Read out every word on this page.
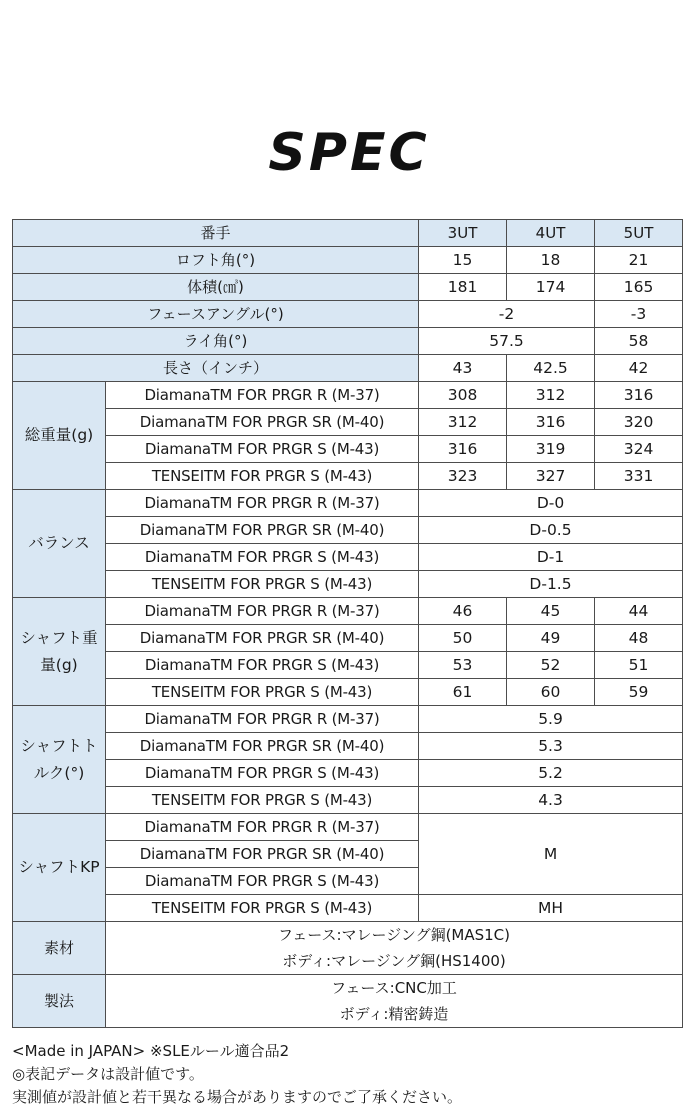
SPEC
番手		3UT	4UT	5UT
ロフト角(°)		15	18	21
体積(㎤)		181	174	165
フェースアングル(°)		-2		-3
ライ角(°)		57.5		58
長さ（インチ）		43	42.5	42
総重量(g)	DiamanaTM FOR PRGR R (M-37)	308	312	316
	DiamanaTM FOR PRGR SR (M-40)	312	316	320
	DiamanaTM FOR PRGR S (M-43)	316	319	324
	TENSEITM FOR PRGR S (M-43)	323	327	331
バランス	DiamanaTM FOR PRGR R (M-37)	D-0		
	DiamanaTM FOR PRGR SR (M-40)	D-0.5		
	DiamanaTM FOR PRGR S (M-43)	D-1		
	TENSEITM FOR PRGR S (M-43)	D-1.5		
シャフト重
量(g)	DiamanaTM FOR PRGR R (M-37)	46	45	44
	DiamanaTM FOR PRGR SR (M-40)	50	49	48
	DiamanaTM FOR PRGR S (M-43)	53	52	51
	TENSEITM FOR PRGR S (M-43)	61	60	59
シャフトト
ルク(°)	DiamanaTM FOR PRGR R (M-37)	5.9		
	DiamanaTM FOR PRGR SR (M-40)	5.3		
	DiamanaTM FOR PRGR S (M-43)	5.2		
	TENSEITM FOR PRGR S (M-43)	4.3		
シャフトKP	DiamanaTM FOR PRGR R (M-37)	M		
	DiamanaTM FOR PRGR SR (M-40)			
	DiamanaTM FOR PRGR S (M-43)			
	TENSEITM FOR PRGR S (M-43)	MH		
素材	フェース:マレージング鋼(MAS1C)
ボディ:マレージング鋼(HS1400)			
製法	フェース:CNC加工
ボディ:精密鋳造			
<Made in JAPAN> ※SLEルール適合品2
◎表記データは設計値です。
実測値が設計値と若干異なる場合がありますのでご了承ください。
